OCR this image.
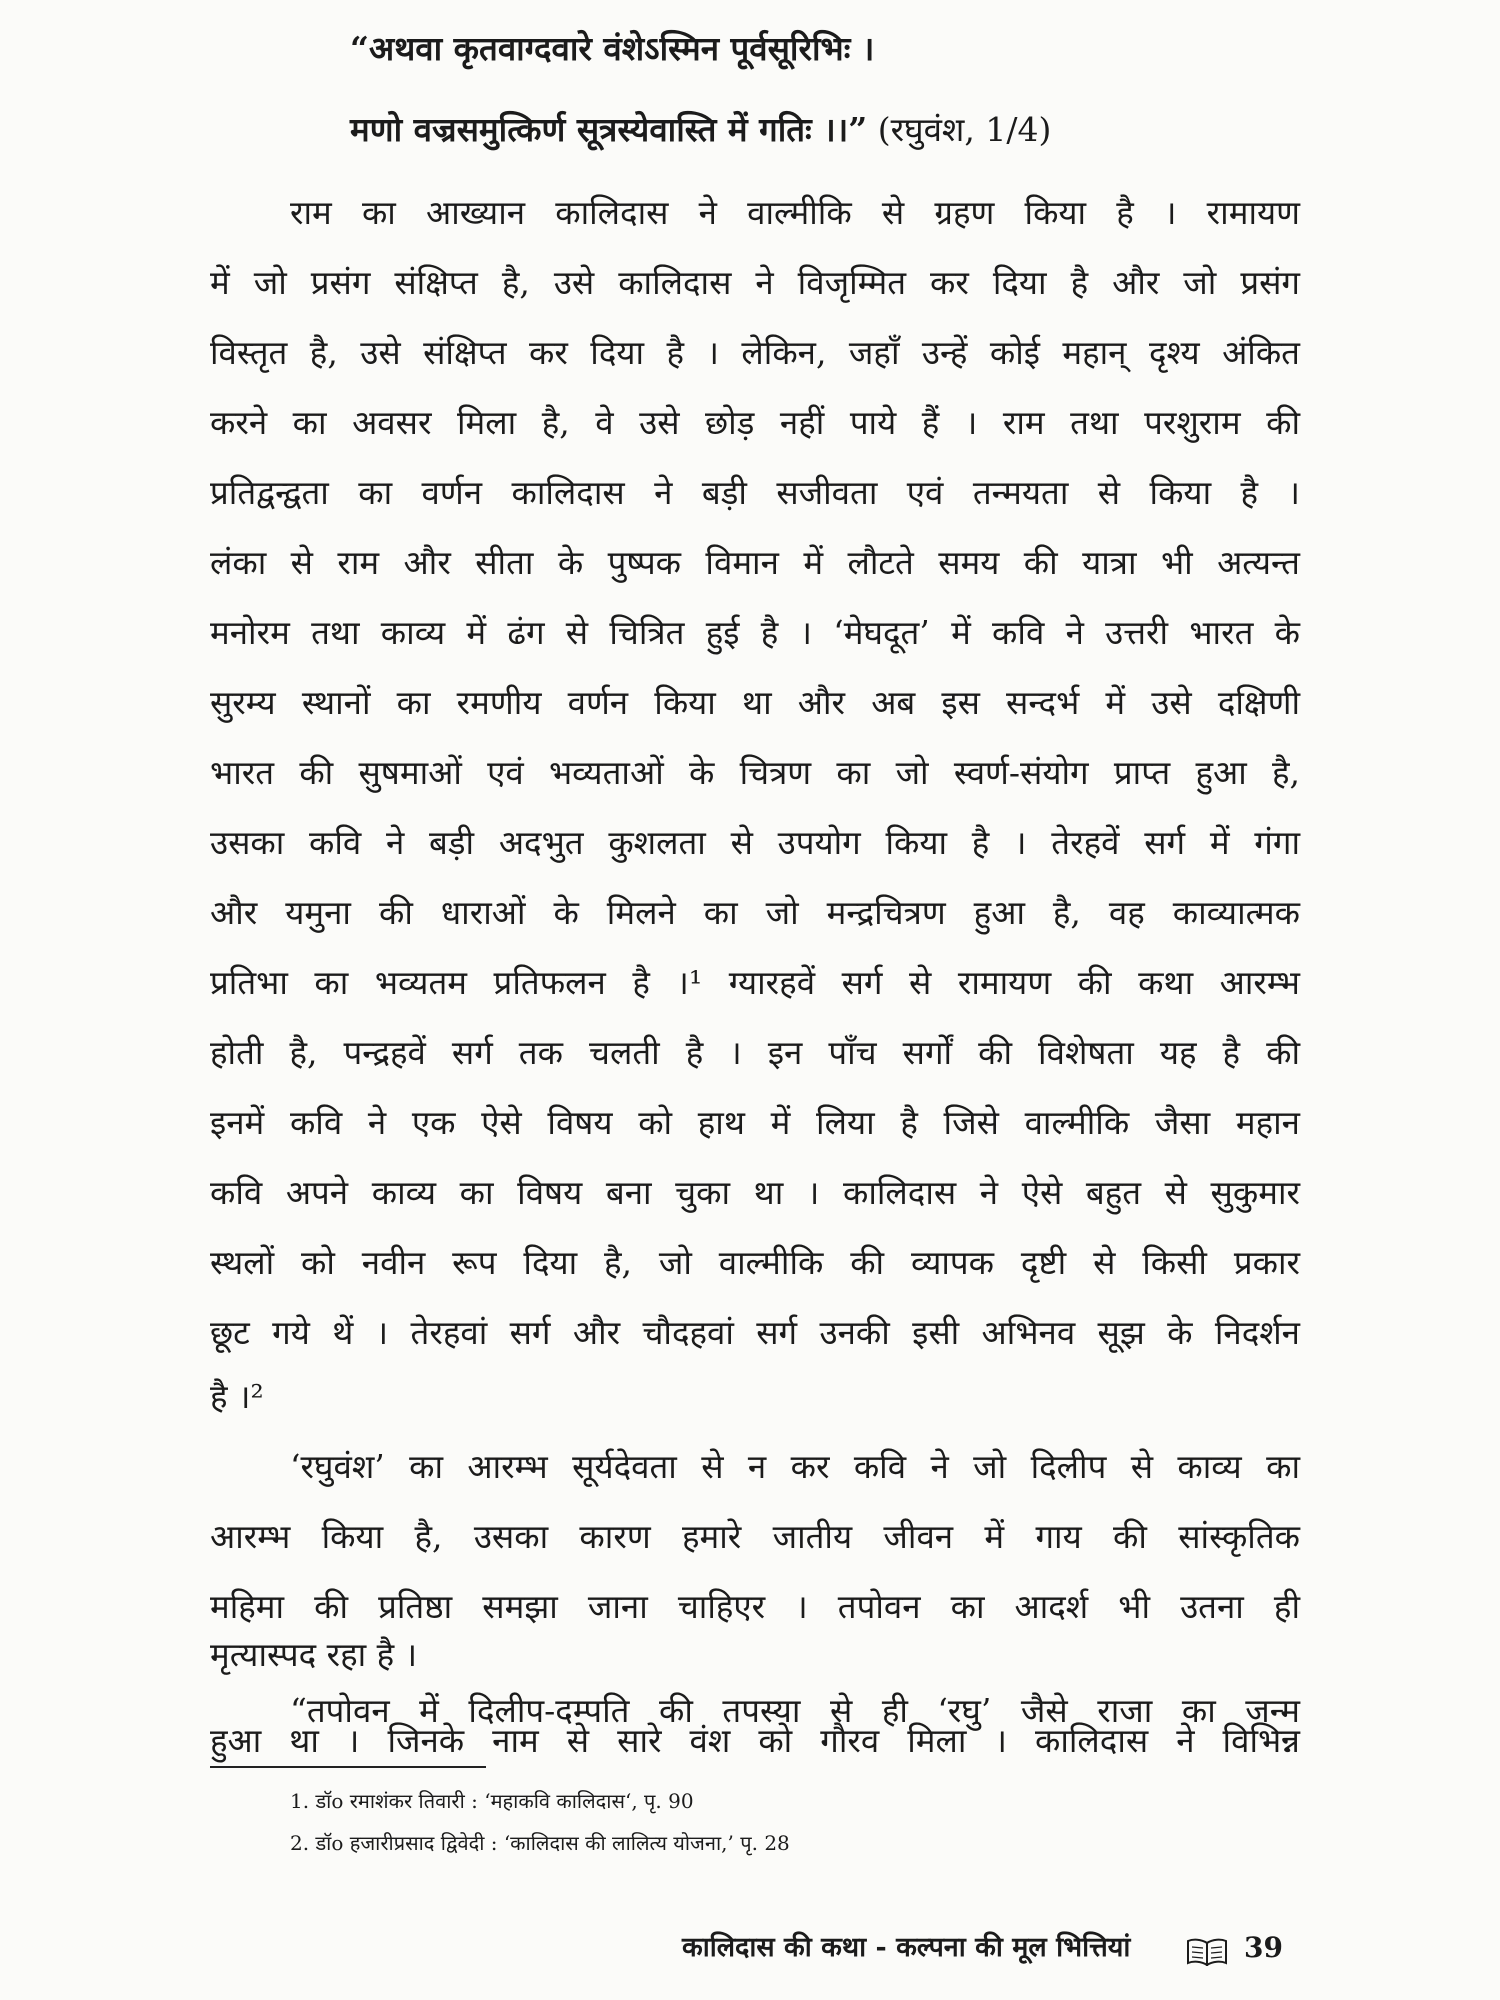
“अथवा कृतवाग्दवारे वंशेऽस्मिन पूर्वसूरिभिः ।
मणो वज्रसमुत्किर्ण सूत्रस्येवास्ति में गतिः ।।” (रघुवंश, 1/4)
राम का आख्यान कालिदास ने वाल्मीकि से ग्रहण किया है । रामायण
में जो प्रसंग संक्षिप्त है, उसे कालिदास ने विजृम्मित कर दिया है और जो प्रसंग
विस्तृत है, उसे संक्षिप्त कर दिया है । लेकिन, जहाँ उन्हें कोई महान् दृश्य अंकित
करने का अवसर मिला है, वे उसे छोड़ नहीं पाये हैं । राम तथा परशुराम की
प्रतिद्वन्द्वता का वर्णन कालिदास ने बड़ी सजीवता एवं तन्मयता से किया है ।
लंका से राम और सीता के पुष्पक विमान में लौटते समय की यात्रा भी अत्यन्त
मनोरम तथा काव्य में ढंग से चित्रित हुई है । ‘मेघदूत’ में कवि ने उत्तरी भारत के
सुरम्य स्थानों का रमणीय वर्णन किया था और अब इस सन्दर्भ में उसे दक्षिणी
भारत की सुषमाओं एवं भव्यताओं के चित्रण का जो स्वर्ण-संयोग प्राप्त हुआ है,
उसका कवि ने बड़ी अदभुत कुशलता से उपयोग किया है । तेरहवें सर्ग में गंगा
और यमुना की धाराओं के मिलने का जो मन्द्रचित्रण हुआ है, वह काव्यात्मक
प्रतिभा का भव्यतम प्रतिफलन है ।¹ ग्यारहवें सर्ग से रामायण की कथा आरम्भ
होती है, पन्द्रहवें सर्ग तक चलती है । इन पाँच सर्गों की विशेषता यह है की
इनमें कवि ने एक ऐसे विषय को हाथ में लिया है जिसे वाल्मीकि जैसा महान
कवि अपने काव्य का विषय बना चुका था । कालिदास ने ऐसे बहुत से सुकुमार
स्थलों को नवीन रूप दिया है, जो वाल्मीकि की व्यापक दृष्टी से किसी प्रकार
छूट गये थें । तेरहवां सर्ग और चौदहवां सर्ग उनकी इसी अभिनव सूझ के निदर्शन
है ।²
‘रघुवंश’ का आरम्भ सूर्यदेवता से न कर कवि ने जो दिलीप से काव्य का
आरम्भ किया है, उसका कारण हमारे जातीय जीवन में गाय की सांस्कृतिक
महिमा की प्रतिष्ठा समझा जाना चाहिएर । तपोवन का आदर्श भी उतना ही
मृत्यास्पद रहा है ।
“तपोवन में दिलीप-दम्पति की तपस्या से ही ‘रघु’ जैसे राजा का जन्म
हुआ था । जिनके नाम से सारे वंश को गौरव मिला । कालिदास ने विभिन्न
1. डॉo रमाशंकर तिवारी : ‘महाकवि कालिदास‘, पृ. 90
2. डॉo हजारीप्रसाद द्विवेदी : ‘कालिदास की लालित्य योजना,’ पृ. 28
कालिदास की कथा - कल्पना की मूल भित्तियां	39
